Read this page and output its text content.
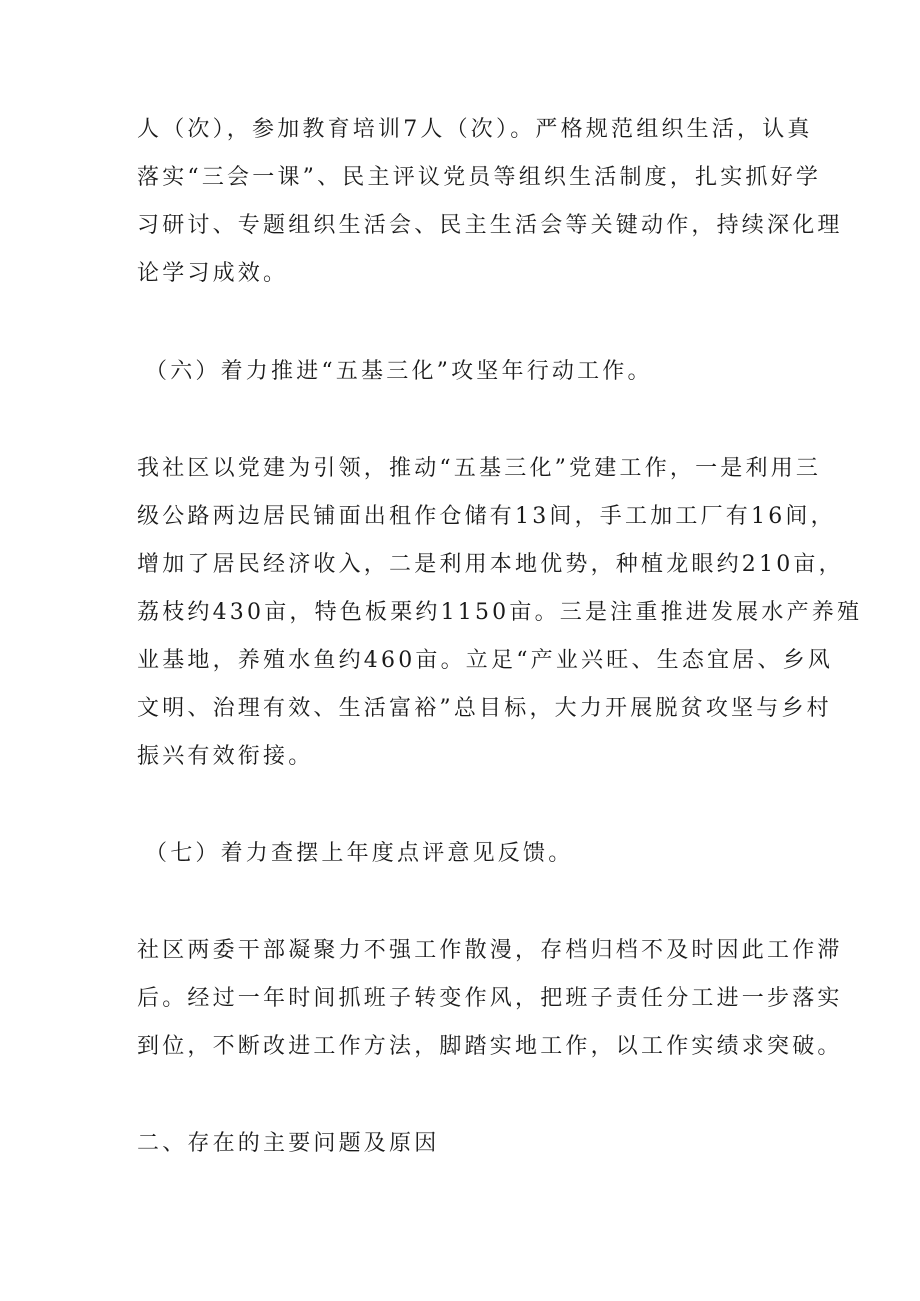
人（次），参加教育培训7人（次）。严格规范组织生活，认真
落实“三会一课”、民主评议党员等组织生活制度，扎实抓好学
习研讨、专题组织生活会、民主生活会等关键动作，持续深化理
论学习成效。
（六）着力推进“五基三化”攻坚年行动工作。
我社区以党建为引领，推动“五基三化”党建工作，一是利用三
级公路两边居民铺面出租作仓储有13间，手工加工厂有16间，
增加了居民经济收入，二是利用本地优势，种植龙眼约210亩，
荔枝约430亩，特色板栗约1150亩。三是注重推进发展水产养殖
业基地，养殖水鱼约460亩。立足“产业兴旺、生态宜居、乡风
文明、治理有效、生活富裕”总目标，大力开展脱贫攻坚与乡村
振兴有效衔接。
（七）着力查摆上年度点评意见反馈。
社区两委干部凝聚力不强工作散漫，存档归档不及时因此工作滞
后。经过一年时间抓班子转变作风，把班子责任分工进一步落实
到位，不断改进工作方法，脚踏实地工作，以工作实绩求突破。
二、存在的主要问题及原因
